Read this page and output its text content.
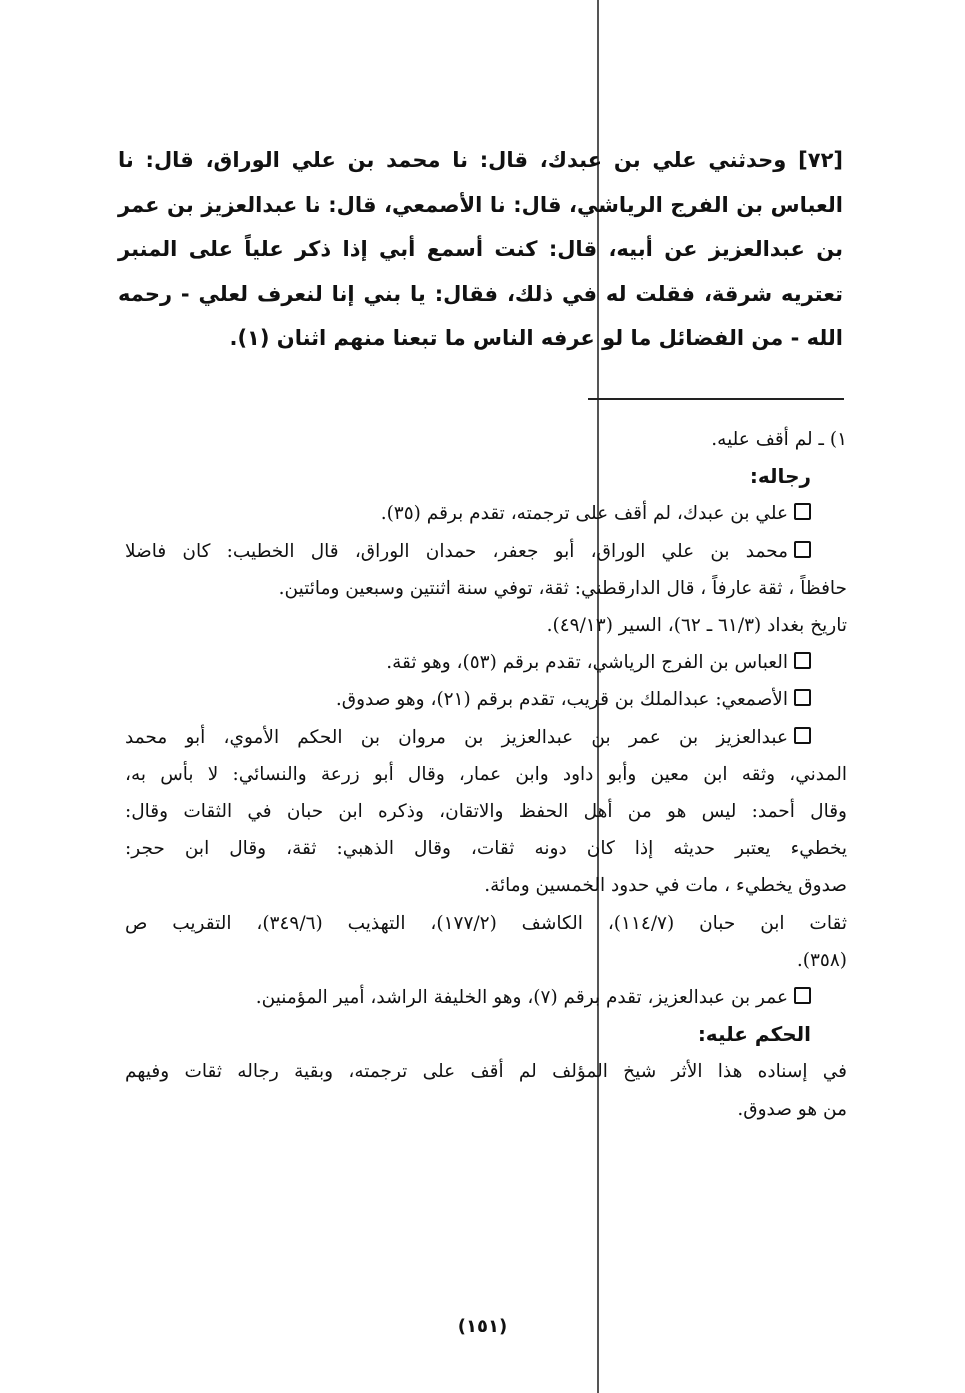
[٧٢] وحدثني علي بن عبدك، قال: نا محمد بن علي الوراق، قال: نا العباس بن الفرج الرياشي، قال: نا الأصمعي، قال: نا عبدالعزيز بن عمر بن عبدالعزيز عن أبيه، قال: كنت أسمع أبي إذا ذكر علياً على المنبر تعتريه شرقة، فقلت له في ذلك، فقال: يا بني إنا لنعرف لعلي - رحمه الله - من الفضائل ما لو عرفه الناس ما تبعنا منهم اثنان (١).

١) ـ لم أقف عليه.

رجاله:

علي بن عبدك، لم أقف على ترجمته، تقدم برقم (٣٥).

محمد بن علي الوراق، أبو جعفر، حمدان الوراق، قال الخطيب: كان فاضلا

حافظاً ، ثقة عارفاً ، قال الدارقطني: ثقة، توفي سنة اثنتين وسبعين ومائتين.

تاريخ بغداد (٦١/٣ ـ ٦٢)، السير (٤٩/١٣).

العباس بن الفرج الرياشي، تقدم برقم (٥٣)، وهو ثقة.

الأصمعي: عبدالملك بن قريب، تقدم برقم (٢١)، وهو صدوق.

عبدالعزيز بن عمر بن عبدالعزيز بن مروان بن الحكم الأموي، أبو محمد

المدني، وثقه ابن معين وأبو داود وابن عمار، وقال أبو زرعة والنسائي: لا بأس به،

وقال أحمد: ليس هو من أهل الحفظ والاتقان، وذكره ابن حبان في الثقات وقال:

يخطيء يعتبر حديثه إذا كان دونه ثقات، وقال الذهبي: ثقة، وقال ابن حجر:

صدوق يخطيء ، مات في حدود الخمسين ومائة.

ثقات ابن حبان (١١٤/٧)، الكاشف (١٧٧/٢)، التهذيب (٣٤٩/٦)، التقريب ص

(٣٥٨).

عمر بن عبدالعزيز، تقدم برقم (٧)، وهو الخليفة الراشد، أمير المؤمنين.

الحكم عليه:

في إسناده هذا الأثر شيخ المؤلف لم أقف على ترجمته، وبقية رجاله ثقات وفيهم

من هو صدوق.

(١٥١)
